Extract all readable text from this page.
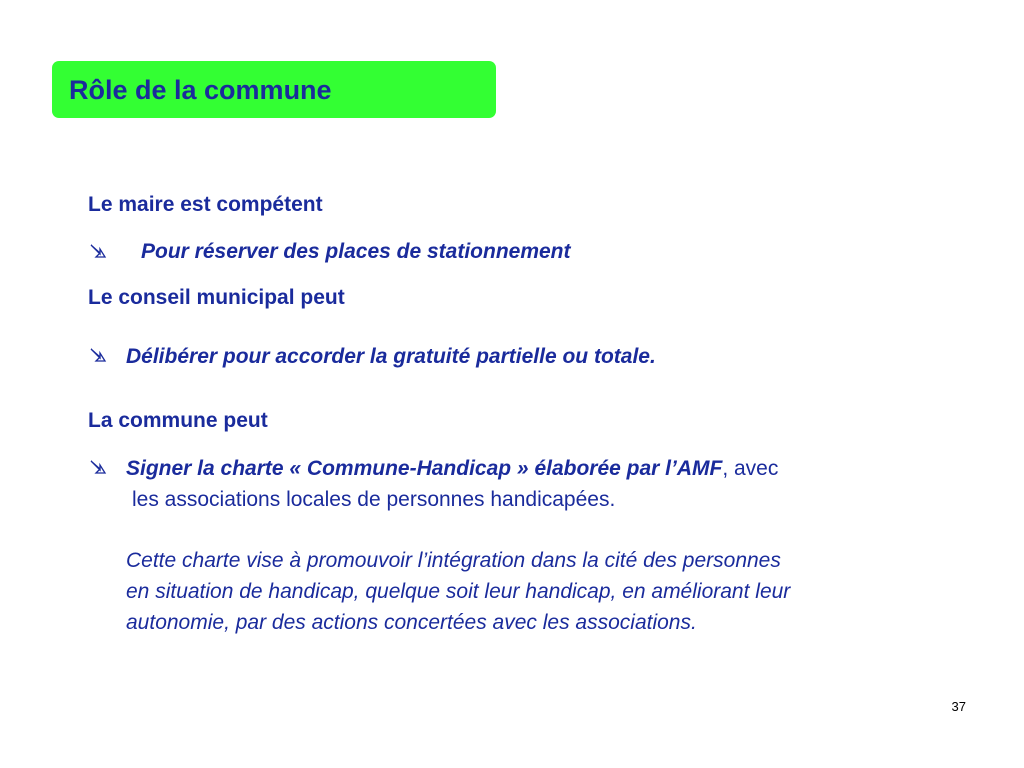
Rôle de la commune
Le maire est compétent
Pour réserver des places de stationnement
Le conseil municipal peut
Délibérer pour accorder la gratuité partielle ou totale.
La commune peut
Signer la charte « Commune-Handicap » élaborée par l’AMF, avec
les associations locales de personnes handicapées.
Cette charte vise à promouvoir l’intégration dans la cité des personnes
en situation de handicap, quelque soit leur handicap, en améliorant leur
autonomie, par des actions concertées avec les associations.
37
